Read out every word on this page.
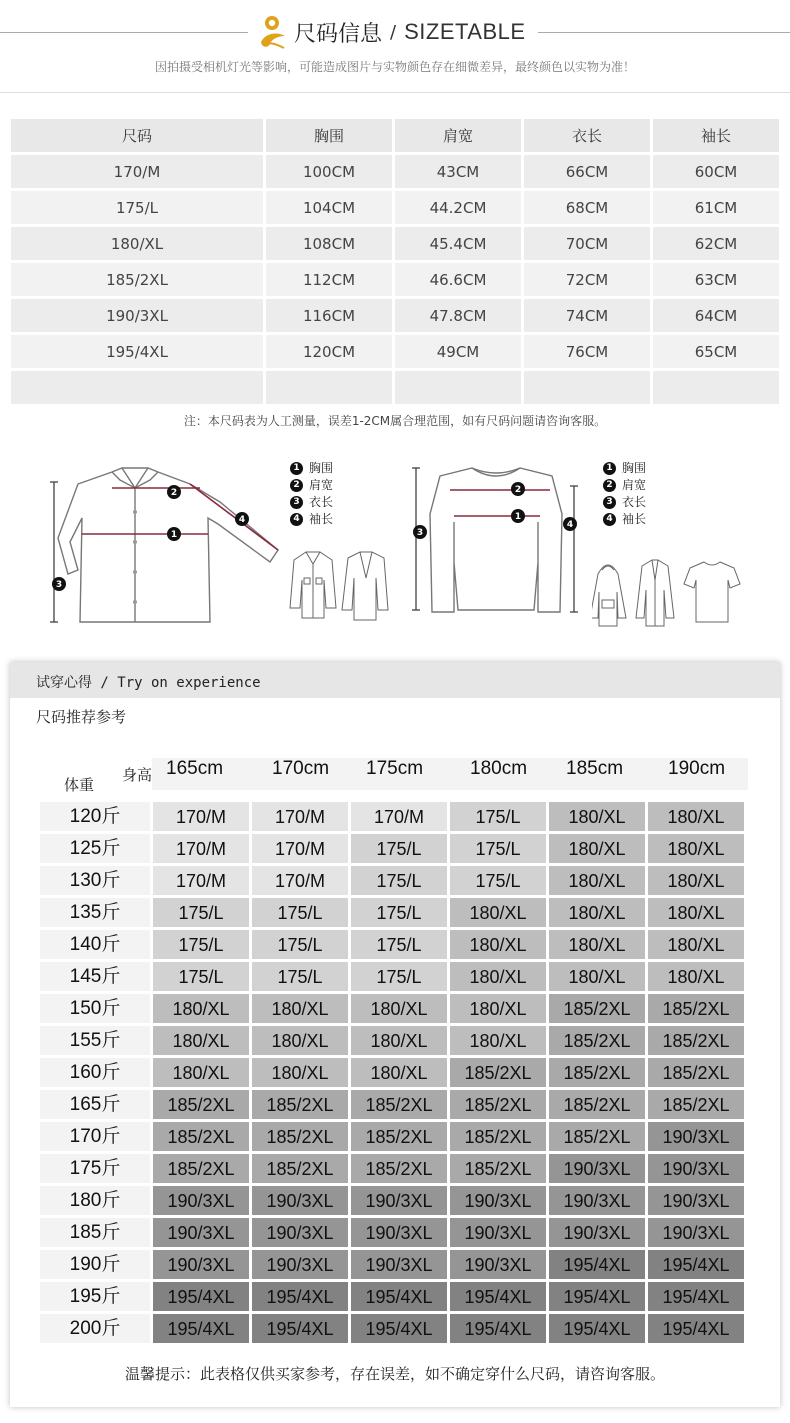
尺码信息 / SIZETABLE
因拍摄受相机灯光等影响，可能造成图片与实物颜色存在细微差异，最终颜色以实物为准！
尺码	胸围	肩宽	衣长	袖长
170/M	100CM	43CM	66CM	60CM
175/L	104CM	44.2CM	68CM	61CM
180/XL	108CM	45.4CM	70CM	62CM
185/2XL	112CM	46.6CM	72CM	63CM
190/3XL	116CM	47.8CM	74CM	64CM
195/4XL	120CM	49CM	76CM	65CM

注：本尺码表为人工测量，误差1-2CM属合理范围，如有尺码问题请咨询客服。
1
2
3
4
1 胸围
2 肩宽
3 衣长
4 袖长	1
2
3
4
1 胸围
2 肩宽
3 衣长
4 袖长
试穿心得 / Try on experience
尺码推荐参考
体重
身高 165cm	170cm 175cm 180cm 185cm 190cm
120斤	170/M	170/M	170/M	175/L	180/XL	180/XL
125斤	170/M	170/M	175/L	175/L	180/XL	180/XL
130斤	170/M	170/M	175/L	175/L	180/XL	180/XL
135斤	175/L	175/L	175/L	180/XL	180/XL	180/XL
140斤	175/L	175/L	175/L	180/XL	180/XL	180/XL
145斤	175/L	175/L	175/L	180/XL	180/XL	180/XL
150斤	180/XL	180/XL	180/XL	180/XL	185/2XL	185/2XL
155斤	180/XL	180/XL	180/XL	180/XL	185/2XL	185/2XL
160斤	180/XL	180/XL	180/XL	185/2XL	185/2XL	185/2XL
165斤	185/2XL	185/2XL	185/2XL	185/2XL	185/2XL	185/2XL
170斤	185/2XL	185/2XL	185/2XL	185/2XL	185/2XL	190/3XL
175斤	185/2XL	185/2XL	185/2XL	185/2XL	190/3XL	190/3XL
180斤	190/3XL	190/3XL	190/3XL	190/3XL	190/3XL	190/3XL
185斤	190/3XL	190/3XL	190/3XL	190/3XL	190/3XL	190/3XL
190斤	190/3XL	190/3XL	190/3XL	190/3XL	195/4XL	195/4XL
195斤	195/4XL	195/4XL	195/4XL	195/4XL	195/4XL	195/4XL
200斤	195/4XL	195/4XL	195/4XL	195/4XL	195/4XL	195/4XL
温馨提示：此表格仅供买家参考，存在误差，如不确定穿什么尺码，请咨询客服。
